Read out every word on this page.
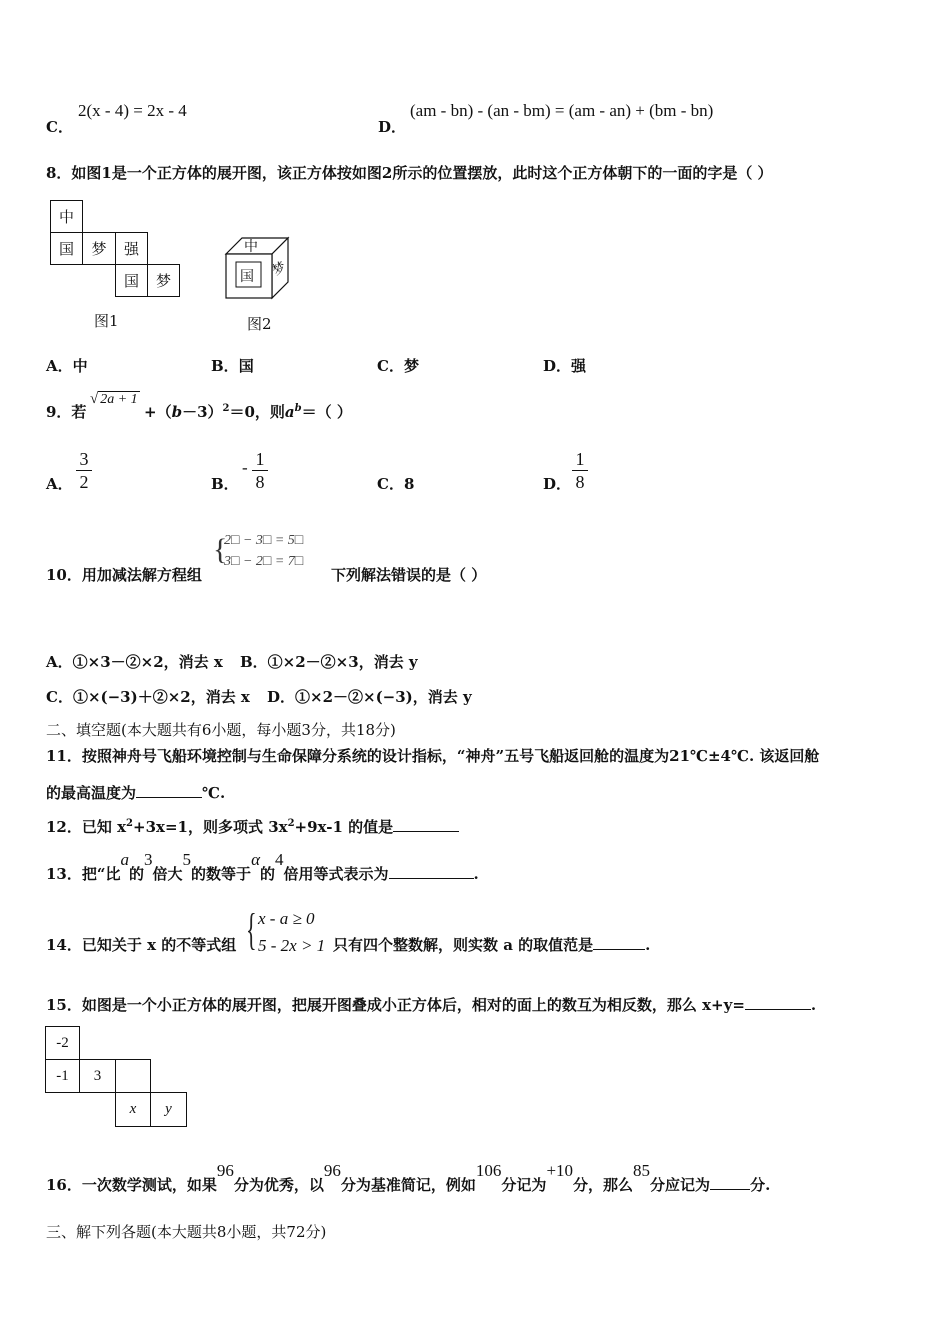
C．
2(x - 4) = 2x - 4
D．
(am - bn) - (an - bm) = (am - an) + (bm - bn)
8．如图1是一个正方体的展开图，该正方体按如图2所示的位置摆放，此时这个正方体朝下的一面的字是（ ）
中
国	梦	强
国	梦
图1
中
国 梦
图2
A．中	B．国	C．梦	D．强
9．若
√ 2a + 1
$+(b-3)^2=0$，则$a^b=$（ ）
A．
3
2	B．
- 1
8	C．8	D．
1
8
10．用加减法解方程组
{
2□ − 3□ = 5□
3□ − 2□ = 7□
下列解法错误的是（ ）
A．①×3－②×2，消去 x B．①×2－②×3，消去 y
C．①×(−3)＋②×2，消去 x D．①×2－②×(−3)，消去 y
二、填空题(本大题共有6小题，每小题3分，共18分)
11．按照神舟号飞船环境控制与生命保障分系统的设计指标，“神舟”五号飞船返回舱的温度为21℃±4℃. 该返回舱
的最高温度为	℃.
12．已知 $x^2+3x=1$，则多项式 $3x^2+9x-1$ 的值是
13．把“比a的3倍大5的数等于α的4倍用等式表示为	.
14．已知关于 x 的不等式组 { x - a ≥ 0
5 - 2x > 1 只有四个整数解，则实数 a 的取值范是	.
15．如图是一个小正方体的展开图，把展开图叠成小正方体后，相对的面上的数互为相反数，那么 x+y=	.
-2
-1	3
x	y
16．一次数学测试，如果96分为优秀，以96分为基准简记，例如106分记为+10分，那么85分应记为	分.
三、解下列各题(本大题共8小题，共72分)
